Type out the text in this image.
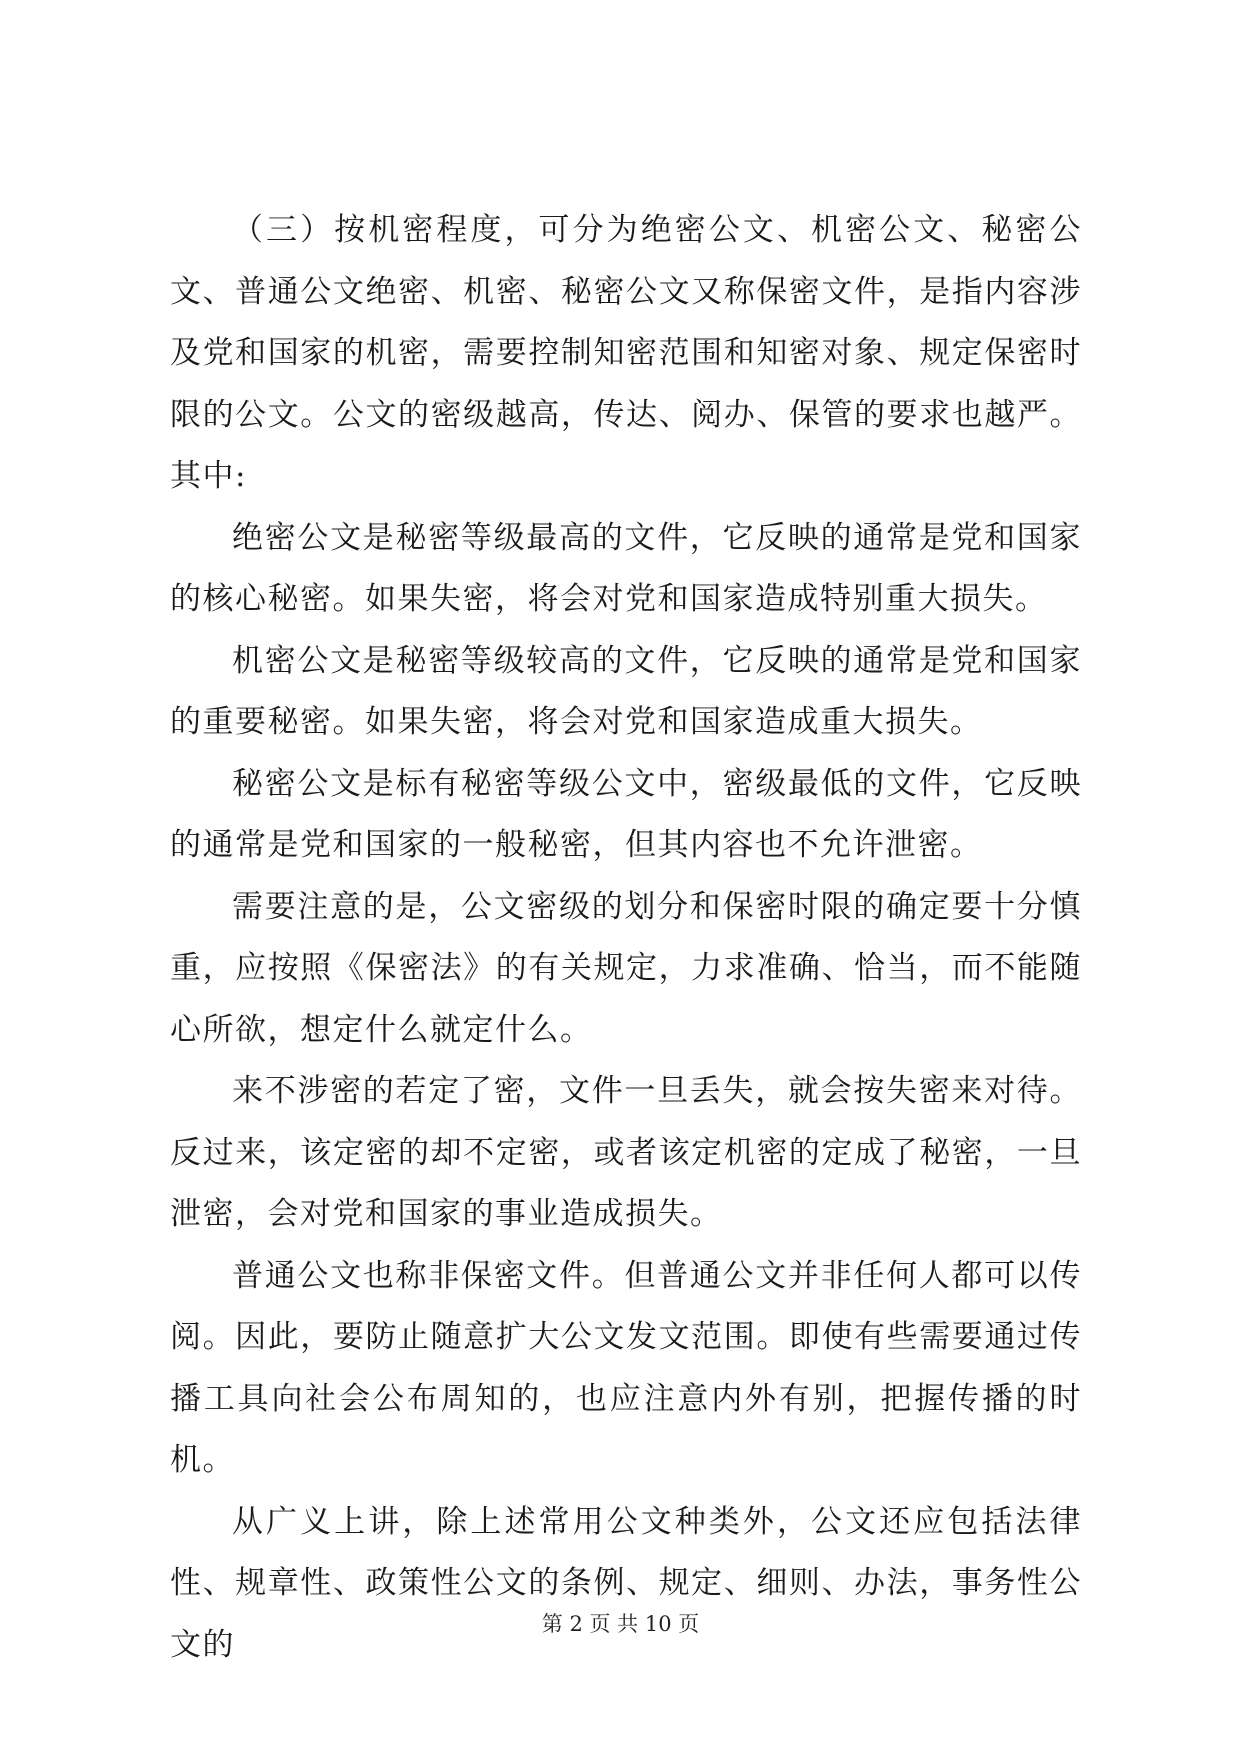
（三）按机密程度，可分为绝密公文、机密公文、秘密公文、普通公文绝密、机密、秘密公文又称保密文件，是指内容涉及党和国家的机密，需要控制知密范围和知密对象、规定保密时限的公文。公文的密级越高，传达、阅办、保管的要求也越严。其中:

绝密公文是秘密等级最高的文件，它反映的通常是党和国家的核心秘密。如果失密，将会对党和国家造成特别重大损失。

机密公文是秘密等级较高的文件，它反映的通常是党和国家的重要秘密。如果失密，将会对党和国家造成重大损失。

秘密公文是标有秘密等级公文中，密级最低的文件，它反映的通常是党和国家的一般秘密，但其内容也不允许泄密。

需要注意的是，公文密级的划分和保密时限的确定要十分慎重，应按照《保密法》的有关规定，力求准确、恰当，而不能随心所欲，想定什么就定什么。

来不涉密的若定了密，文件一旦丢失，就会按失密来对待。反过来，该定密的却不定密，或者该定机密的定成了秘密，一旦泄密，会对党和国家的事业造成损失。

普通公文也称非保密文件。但普通公文并非任何人都可以传阅。因此，要防止随意扩大公文发文范围。即使有些需要通过传播工具向社会公布周知的，也应注意内外有别，把握传播的时机。

从广义上讲，除上述常用公文种类外，公文还应包括法律性、规章性、政策性公文的条例、规定、细则、办法，事务性公文的

第 2 页 共 10 页
